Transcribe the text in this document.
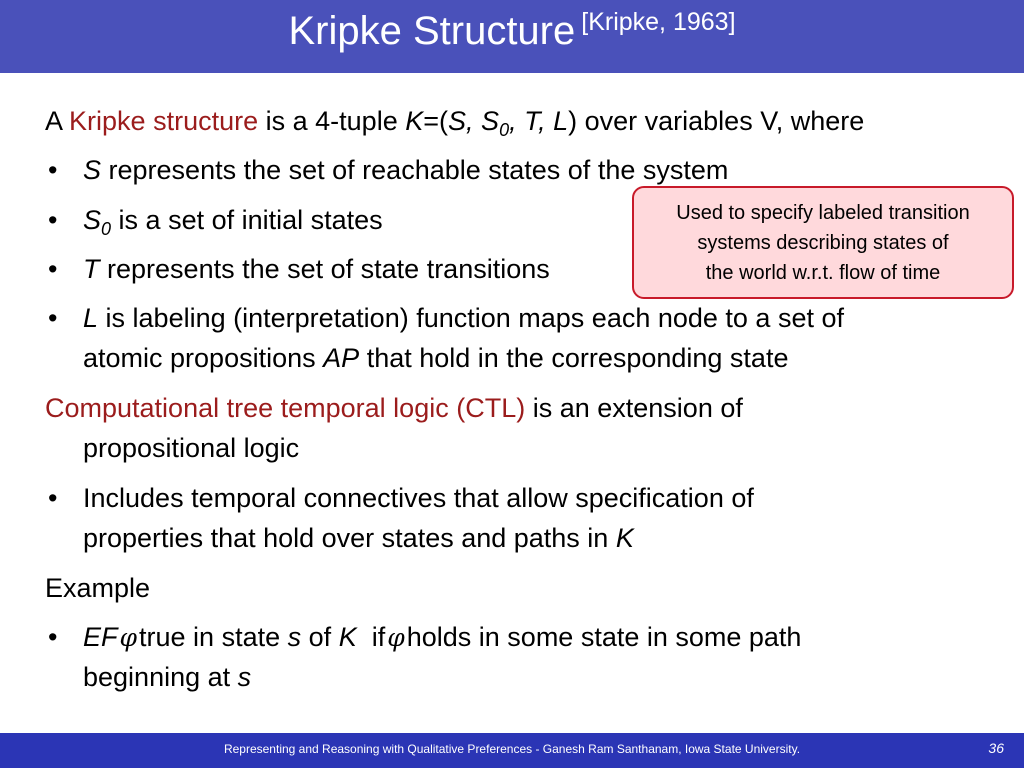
Kripke Structure [Kripke, 1963]
A Kripke structure is a 4-tuple K=(S, $S_0$, T, L) over variables V, where
• S represents the set of reachable states of the system
• $S_0$ is a set of initial states
• T represents the set of state transitions
• L is labeling (interpretation) function maps each node to a set of
atomic propositions AP that hold in the corresponding state
Computational tree temporal logic (CTL) is an extension of
propositional logic
• Includes temporal connectives that allow specification of
properties that hold over states and paths in K
Example
• EFφtrue in state s of K ifφholds in some state in some path
beginning at s
Used to specify labeled transition
systems describing states of
the world w.r.t. flow of time
Representing and Reasoning with Qualitative Preferences - Ganesh Ram Santhanam, Iowa State University.	36
